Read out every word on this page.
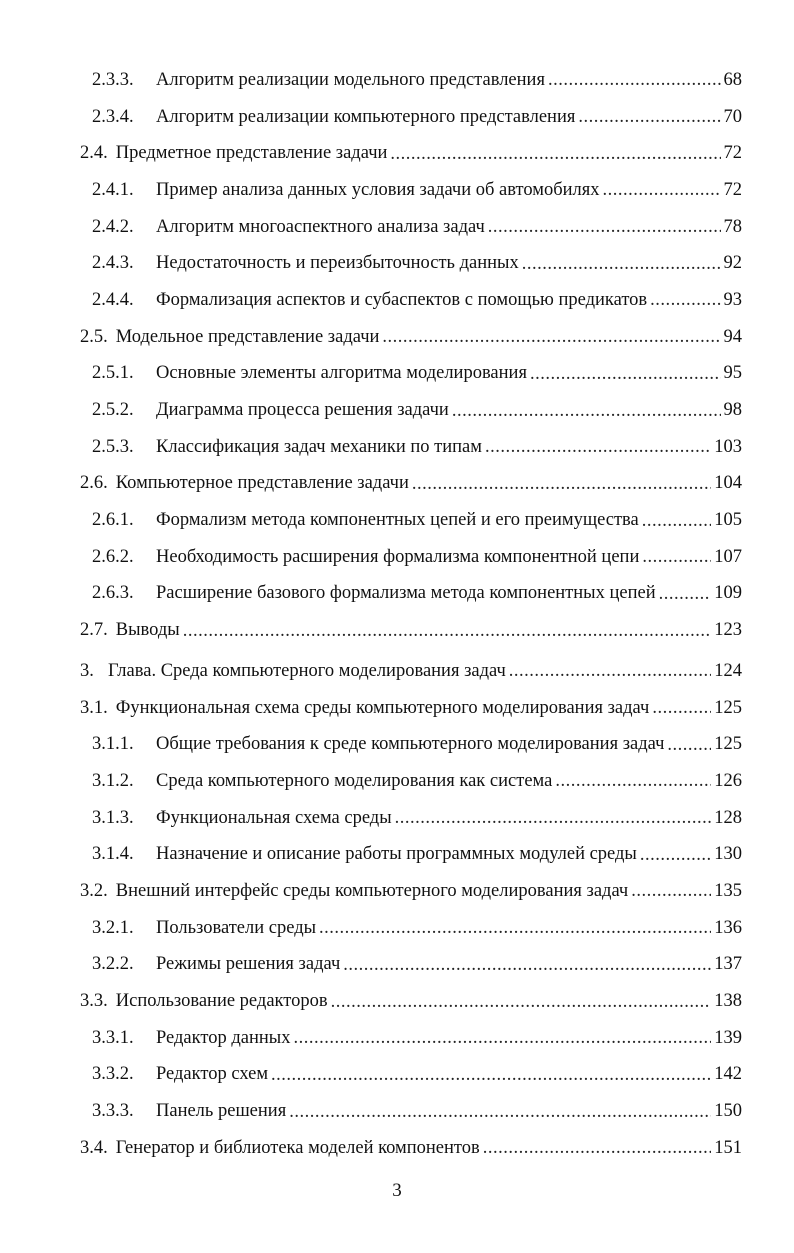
2.3.3.	Алгоритм реализации модельного представления .....	68
2.3.4.	Алгоритм реализации компьютерного представления .....	70
2.4. Предметное представление задачи .....	72
2.4.1.	Пример анализа данных условия задачи об автомобилях .....	72
2.4.2.	Алгоритм многоаспектного анализа задач .....	78
2.4.3.	Недостаточность и переизбыточность данных .....	92
2.4.4.	Формализация аспектов и субаспектов с помощью предикатов .....	93
2.5. Модельное представление задачи .....	94
2.5.1.	Основные элементы алгоритма моделирования .....	95
2.5.2.	Диаграмма процесса решения задачи .....	98
2.5.3.	Классификация задач механики по типам .....	103
2.6. Компьютерное представление задачи .....	104
2.6.1.	Формализм метода компонентных цепей и его преимущества .....	105
2.6.2.	Необходимость расширения формализма компонентной цепи .....	107
2.6.3.	Расширение базового формализма метода компонентных цепей .....	109
2.7. Выводы .....	123
3. Глава. Среда компьютерного моделирования задач .....	124
3.1. Функциональная схема среды компьютерного моделирования задач .....	125
3.1.1.	Общие требования к среде компьютерного моделирования задач .....	125
3.1.2.	Среда компьютерного моделирования как система .....	126
3.1.3.	Функциональная схема среды .....	128
3.1.4.	Назначение и описание работы программных модулей среды .....	130
3.2. Внешний интерфейс среды компьютерного моделирования задач .....	135
3.2.1.	Пользователи среды .....	136
3.2.2.	Режимы решения задач .....	137
3.3. Использование редакторов .....	138
3.3.1.	Редактор данных .....	139
3.3.2.	Редактор схем .....	142
3.3.3.	Панель решения .....	150
3.4. Генератор и библиотека моделей компонентов .....	151
3
